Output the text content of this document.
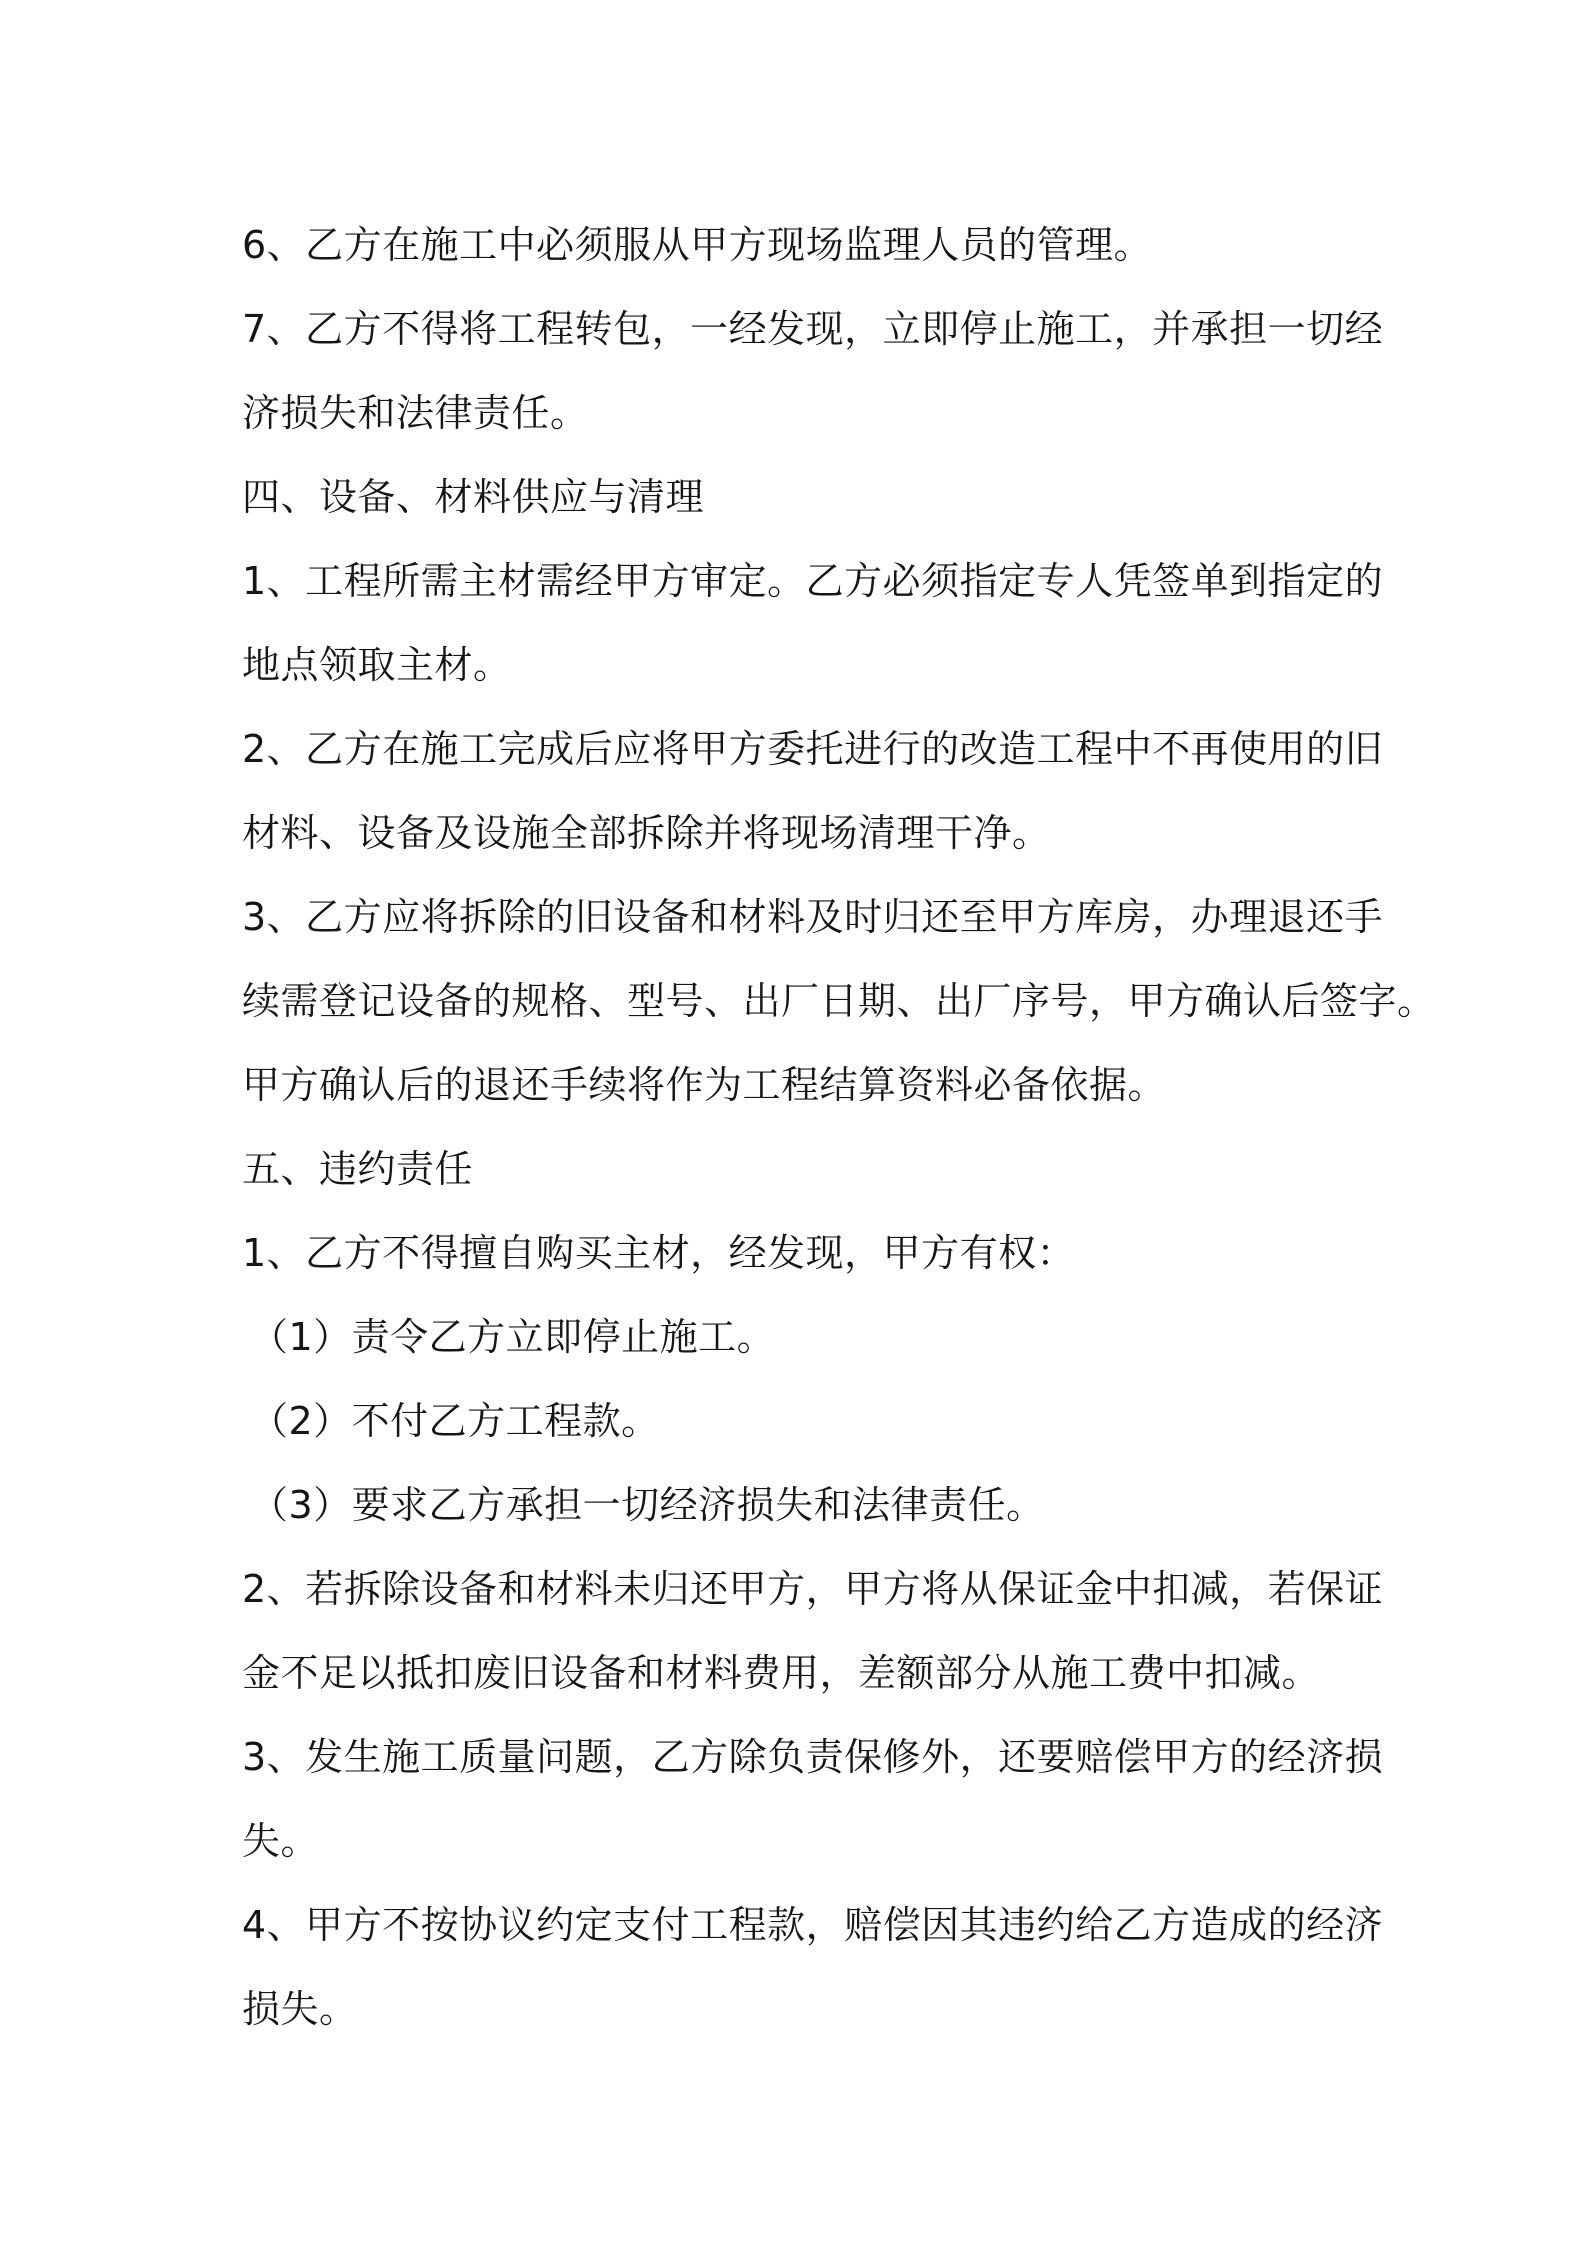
6、乙方在施工中必须服从甲方现场监理人员的管理。
7、乙方不得将工程转包，一经发现，立即停止施工，并承担一切经
济损失和法律责任。
四、设备、材料供应与清理
1、工程所需主材需经甲方审定。乙方必须指定专人凭签单到指定的
地点领取主材。
2、乙方在施工完成后应将甲方委托进行的改造工程中不再使用的旧
材料、设备及设施全部拆除并将现场清理干净。
3、乙方应将拆除的旧设备和材料及时归还至甲方库房，办理退还手
续需登记设备的规格、型号、出厂日期、出厂序号，甲方确认后签字。
甲方确认后的退还手续将作为工程结算资料必备依据。
五、违约责任
1、乙方不得擅自购买主材，经发现，甲方有权：
（1）责令乙方立即停止施工。
（2）不付乙方工程款。
（3）要求乙方承担一切经济损失和法律责任。
2、若拆除设备和材料未归还甲方，甲方将从保证金中扣减，若保证
金不足以抵扣废旧设备和材料费用，差额部分从施工费中扣减。
3、发生施工质量问题，乙方除负责保修外，还要赔偿甲方的经济损
失。
4、甲方不按协议约定支付工程款，赔偿因其违约给乙方造成的经济
损失。
